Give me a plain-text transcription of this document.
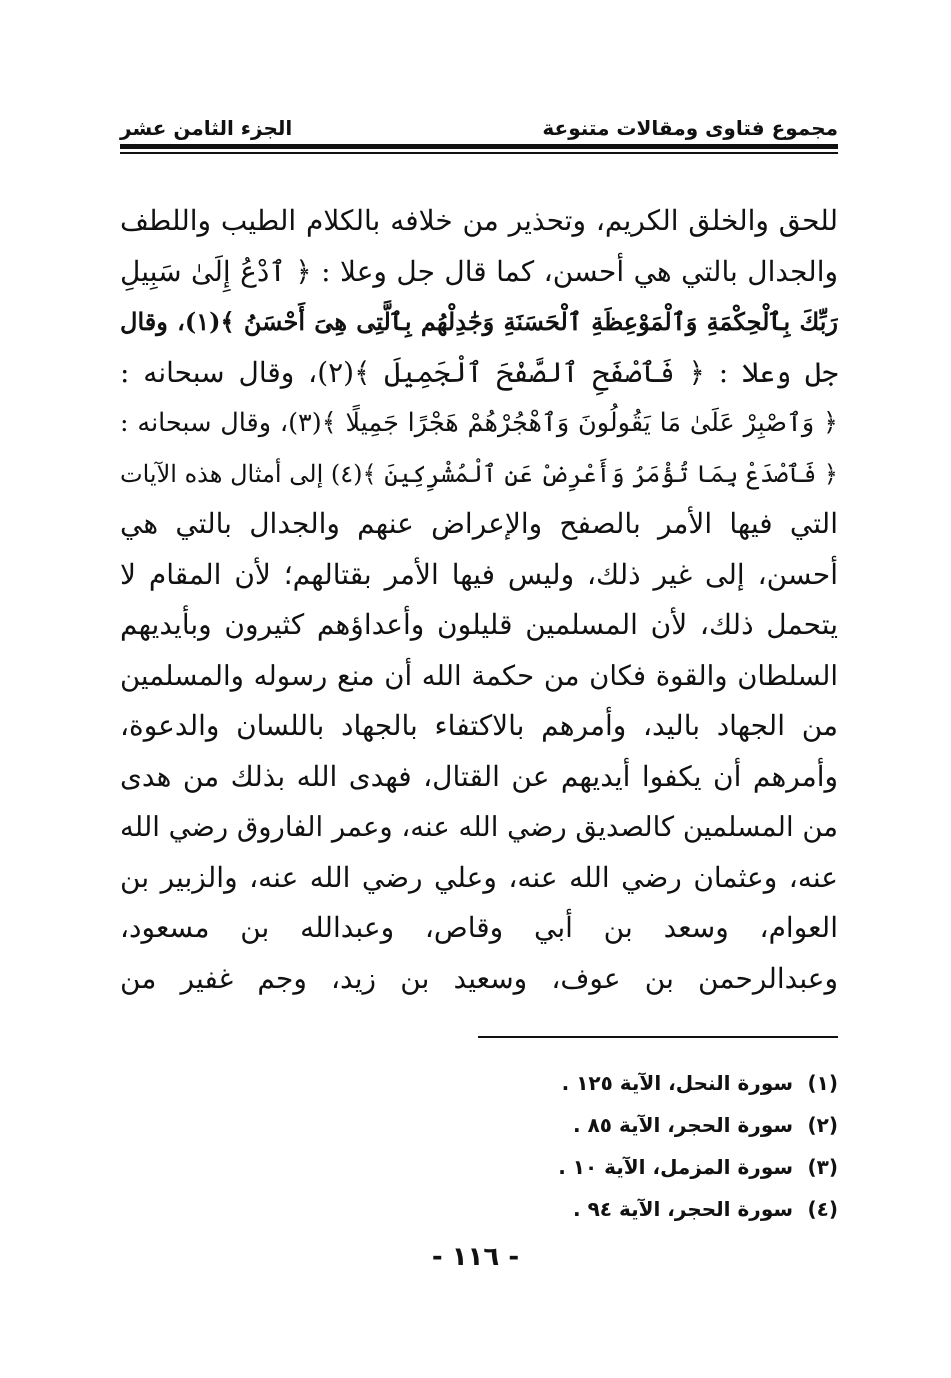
مجموع فتاوى ومقالات متنوعة
الجزء الثامن عشر
للحق والخلق الكريم، وتحذير من خلافه بالكلام الطيب واللطف
والجدال بالتي هي أحسن، كما قال جل وعلا : ﴿ ٱدْعُ إِلَىٰ سَبِيلِ
رَبِّكَ بِٱلْحِكْمَةِ وَٱلْمَوْعِظَةِ ٱلْحَسَنَةِ وَجَٰدِلْهُم بِٱلَّتِى هِىَ أَحْسَنُ ﴾(١)، وقال
جل وعلا : ﴿ فَٱصْفَحِ ٱلصَّفْحَ ٱلْجَمِيلَ ﴾(٢)، وقال سبحانه :
﴿ وَٱصْبِرْ عَلَىٰ مَا يَقُولُونَ وَٱهْجُرْهُمْ هَجْرًا جَمِيلًا ﴾(٣)، وقال سبحانه :
﴿ فَٱصْدَعْ بِمَا تُؤْمَرُ وَأَعْرِضْ عَنِ ٱلْمُشْرِكِينَ ﴾(٤) إلى أمثال هذه الآيات
التي فيها الأمر بالصفح والإعراض عنهم والجدال بالتي هي
أحسن، إلى غير ذلك، وليس فيها الأمر بقتالهم؛ لأن المقام لا
يتحمل ذلك، لأن المسلمين قليلون وأعداؤهم كثيرون وبأيديهم
السلطان والقوة فكان من حكمة الله أن منع رسوله والمسلمين
من الجهاد باليد، وأمرهم بالاكتفاء بالجهاد باللسان والدعوة،
وأمرهم أن يكفوا أيديهم عن القتال، فهدى الله بذلك من هدى
من المسلمين كالصديق رضي الله عنه، وعمر الفاروق رضي الله
عنه، وعثمان رضي الله عنه، وعلي رضي الله عنه، والزبير بن
العوام، وسعد بن أبي وقاص، وعبدالله بن مسعود،
وعبدالرحمن بن عوف، وسعيد بن زيد، وجم غفير من
(١) سورة النحل، الآية ١٢٥ .
(٢) سورة الحجر، الآية ٨٥ .
(٣) سورة المزمل، الآية ١٠ .
(٤) سورة الحجر، الآية ٩٤ .
- ١١٦ -
